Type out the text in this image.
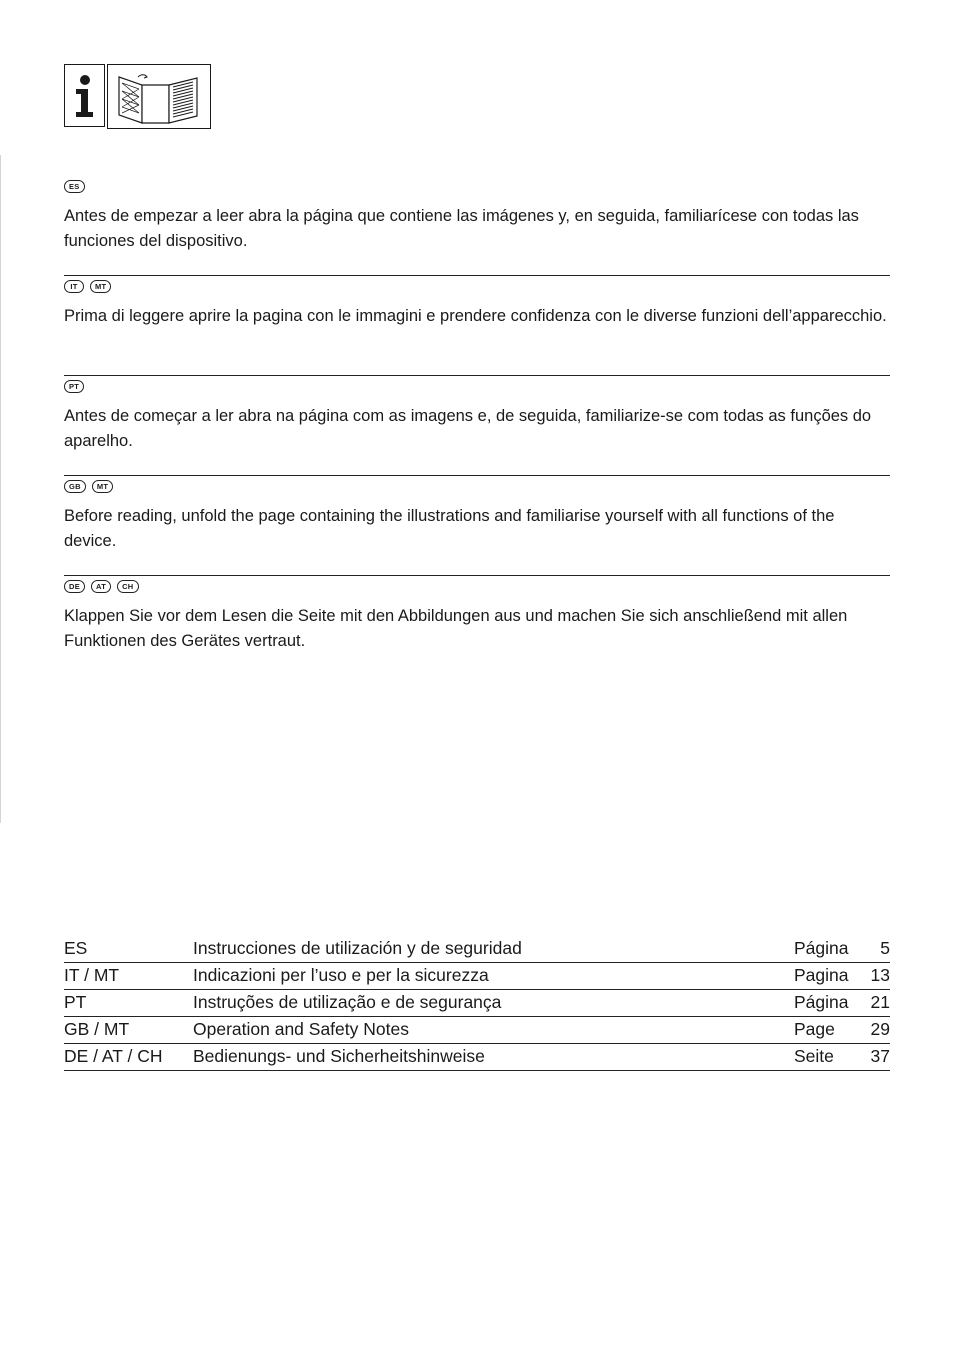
ES

Antes de empezar a leer abra la página que contiene las imágenes y, en seguida, familiarícese con todas las funciones del dispositivo.

IT	MT

Prima di leggere aprire la pagina con le immagini e prendere confidenza con le diverse funzioni dell’apparecchio.

PT

Antes de começar a ler abra na página com as imagens e, de seguida, familiarize-se com todas as funções do aparelho.

GB	MT

Before reading, unfold the page containing the illustrations and familiarise yourself with all functions of the device.

DE	AT	CH

Klappen Sie vor dem Lesen die Seite mit den Abbildungen aus und machen Sie sich anschließend mit allen Funktionen des Gerätes vertraut.

ES	Instrucciones de utilización y de seguridad	Página	5
IT / MT	Indicazioni per l’uso e per la sicurezza	Pagina	13
PT	Instruções de utilização e de segurança	Página	21
GB / MT	Operation and Safety Notes	Page	29
DE / AT / CH	Bedienungs- und Sicherheitshinweise	Seite	37
